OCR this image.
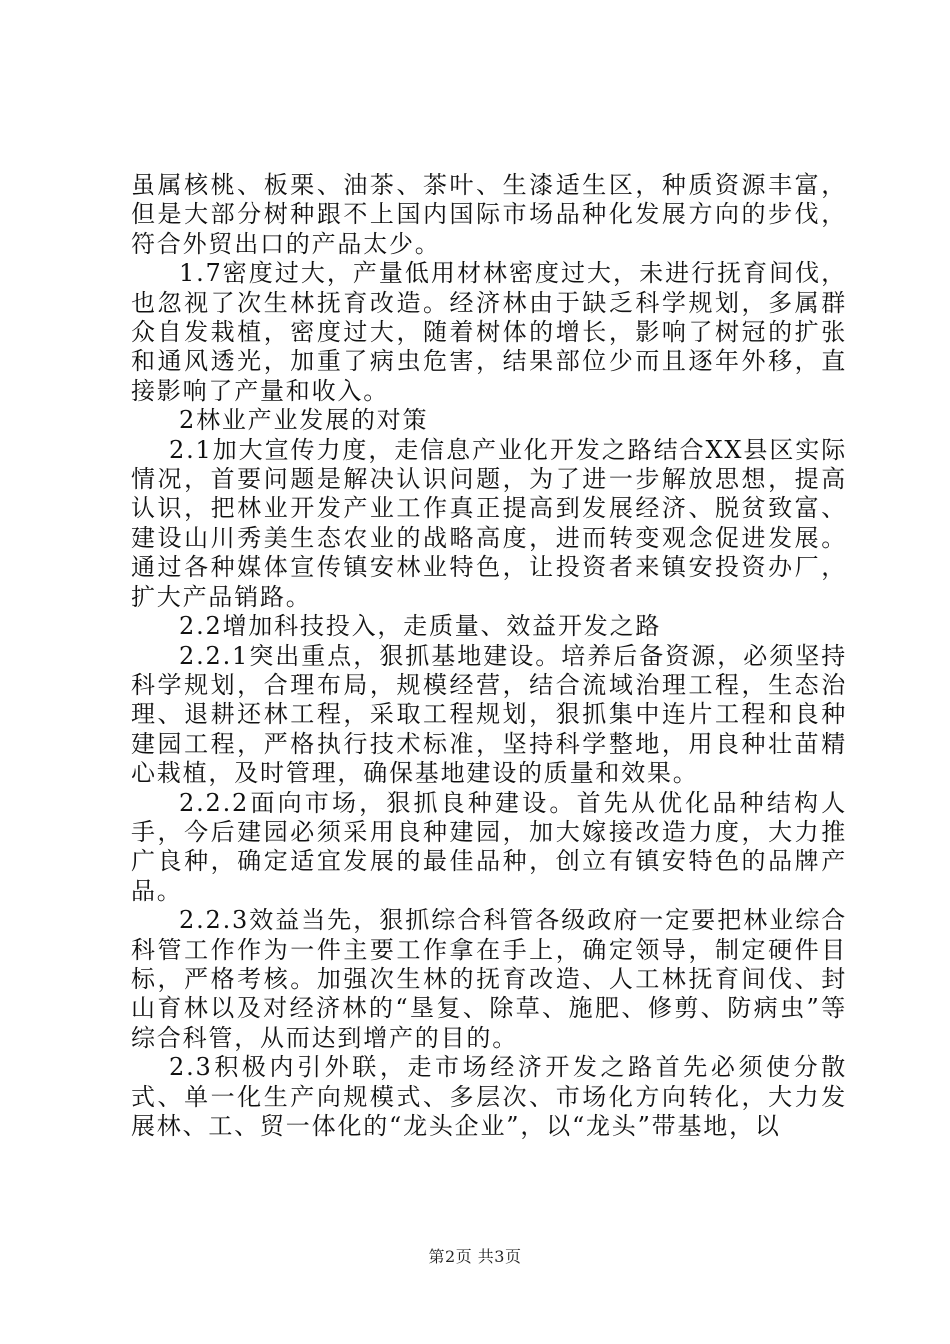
虽属核桃、板栗、油茶、茶叶、生漆适生区，种质资源丰富，但是大部分树种跟不上国内国际市场品种化发展方向的步伐，符合外贸出口的产品太少。

1.7密度过大，产量低用材林密度过大，未进行抚育间伐，也忽视了次生林抚育改造。经济林由于缺乏科学规划，多属群众自发栽植，密度过大，随着树体的增长，影响了树冠的扩张和通风透光，加重了病虫危害，结果部位少而且逐年外移，直接影响了产量和收入。

2林业产业发展的对策

2.1加大宣传力度，走信息产业化开发之路结合XX县区实际情况，首要问题是解决认识问题，为了进一步解放思想，提高认识，把林业开发产业工作真正提高到发展经济、脱贫致富、建设山川秀美生态农业的战略高度，进而转变观念促进发展。通过各种媒体宣传镇安林业特色，让投资者来镇安投资办厂，扩大产品销路。

2.2增加科技投入，走质量、效益开发之路

2.2.1突出重点，狠抓基地建设。培养后备资源，必须坚持科学规划，合理布局，规模经营，结合流域治理工程，生态治理、退耕还林工程，采取工程规划，狠抓集中连片工程和良种建园工程，严格执行技术标准，坚持科学整地，用良种壮苗精心栽植，及时管理，确保基地建设的质量和效果。

2.2.2面向市场，狠抓良种建设。首先从优化品种结构人手，今后建园必须采用良种建园，加大嫁接改造力度，大力推广良种，确定适宜发展的最佳品种，创立有镇安特色的品牌产品。

2.2.3效益当先，狠抓综合科管各级政府一定要把林业综合科管工作作为一件主要工作拿在手上，确定领导，制定硬件目标，严格考核。加强次生林的抚育改造、人工林抚育间伐、封山育林以及对经济林的“垦复、除草、施肥、修剪、防病虫”等综合科管，从而达到增产的目的。

2.3积极内引外联，走市场经济开发之路首先必须使分散式、单一化生产向规模式、多层次、市场化方向转化，大力发展林、工、贸一体化的“龙头企业”，以“龙头”带基地，以

第2页 共3页
